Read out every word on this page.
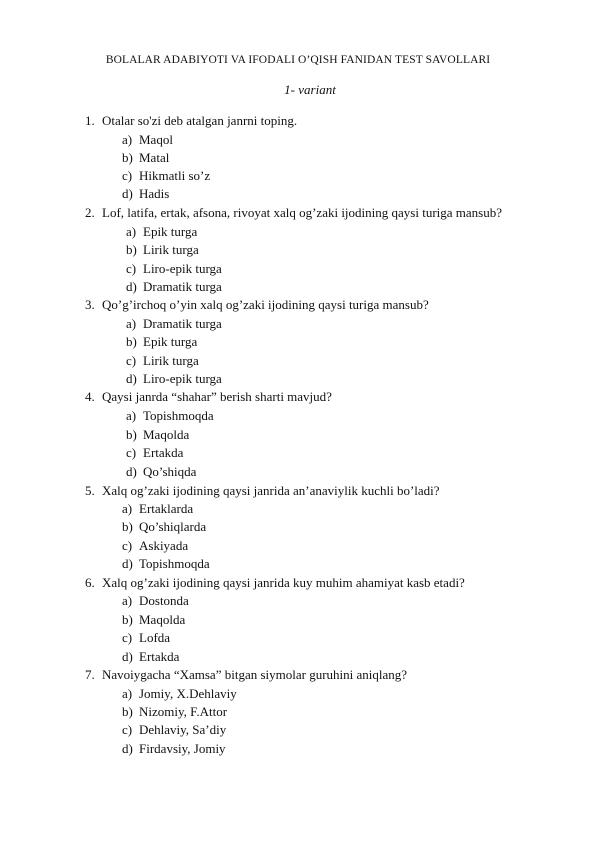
BOLALAR ADABIYOTI VA IFODALI O’QISH FANIDAN TEST SAVOLLARI
1- variant
1. Otalar so'zi deb atalgan janrni toping.
a) Maqol
b) Matal
c) Hikmatli so’z
d) Hadis
2. Lof, latifa, ertak, afsona, rivoyat xalq og’zaki ijodining qaysi turiga mansub?
a) Epik turga
b) Lirik turga
c) Liro-epik turga
d) Dramatik turga
3. Qo’g’irchoq o’yin xalq og’zaki ijodining qaysi turiga mansub?
a) Dramatik turga
b) Epik turga
c) Lirik turga
d) Liro-epik turga
4. Qaysi janrda “shahar” berish sharti mavjud?
a) Topishmoqda
b) Maqolda
c) Ertakda
d) Qo’shiqda
5. Xalq og’zaki ijodining qaysi janrida an’anaviylik kuchli bo’ladi?
a) Ertaklarda
b) Qo’shiqlarda
c) Askiyada
d) Topishmoqda
6. Xalq og’zaki ijodining qaysi janrida kuy muhim ahamiyat kasb etadi?
a) Dostonda
b) Maqolda
c) Lofda
d) Ertakda
7. Navoiygacha “Xamsa” bitgan siymolar guruhini aniqlang?
a) Jomiy, X.Dehlaviy
b) Nizomiy, F.Attor
c) Dehlaviy, Sa’diy
d) Firdavsiy, Jomiy
